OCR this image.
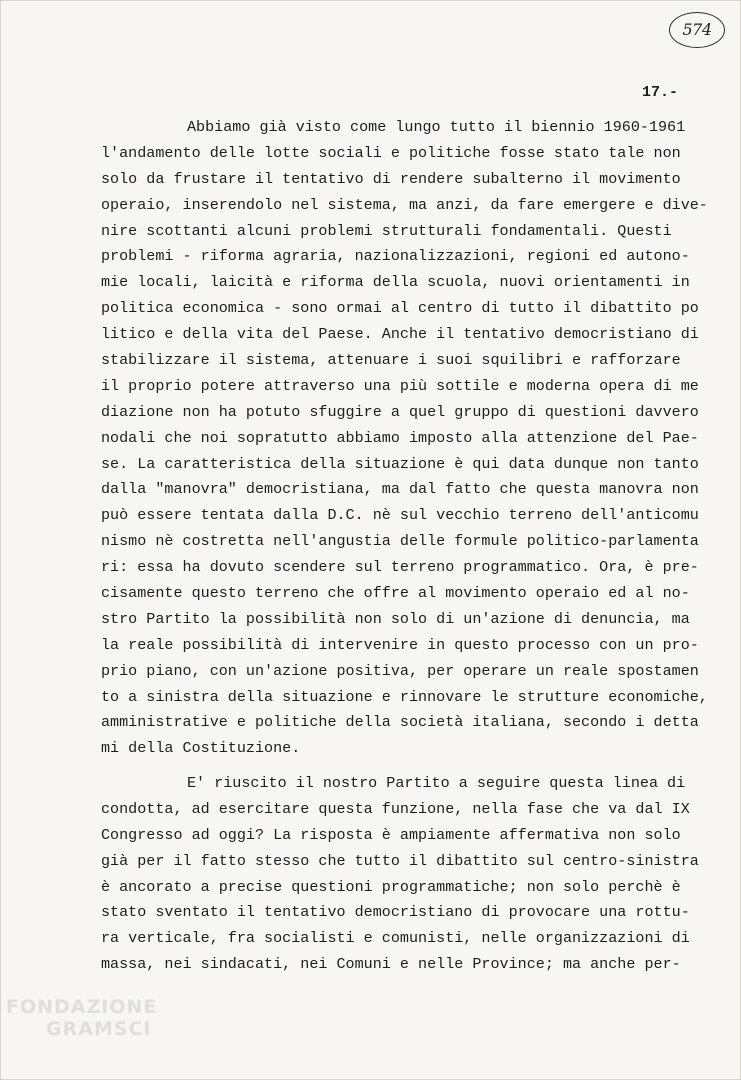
574
17.-
Abbiamo già visto come lungo tutto il biennio 1960-1961
l'andamento delle lotte sociali e politiche fosse stato tale non
solo da frustare il tentativo di rendere subalterno il movimento
operaio, inserendolo nel sistema, ma anzi, da fare emergere e dive-
nire scottanti alcuni problemi strutturali fondamentali. Questi
problemi - riforma agraria, nazionalizzazioni, regioni ed autono-
mie locali, laicità e riforma della scuola, nuovi orientamenti in
politica economica - sono ormai al centro di tutto il dibattito po
litico e della vita del Paese. Anche il tentativo democristiano di
stabilizzare il sistema, attenuare i suoi squilibri e rafforzare
il proprio potere attraverso una più sottile e moderna opera di me
diazione non ha potuto sfuggire a quel gruppo di questioni davvero
nodali che noi sopratutto abbiamo imposto alla attenzione del Pae-
se. La caratteristica della situazione è qui data dunque non tanto
dalla "manovra" democristiana, ma dal fatto che questa manovra non
può essere tentata dalla D.C. nè sul vecchio terreno dell'anticomu
nismo nè costretta nell'angustia delle formule politico-parlamenta
ri: essa ha dovuto scendere sul terreno programmatico. Ora, è pre-
cisamente questo terreno che offre al movimento operaio ed al no-
stro Partito la possibilità non solo di un'azione di denuncia, ma
la reale possibilità di intervenire in questo processo con un pro-
prio piano, con un'azione positiva, per operare un reale spostamen
to a sinistra della situazione e rinnovare le strutture economiche,
amministrative e politiche della società italiana, secondo i detta
mi della Costituzione.
E' riuscito il nostro Partito a seguire questa linea di
condotta, ad esercitare questa funzione, nella fase che va dal IX
Congresso ad oggi? La risposta è ampiamente affermativa non solo
già per il fatto stesso che tutto il dibattito sul centro-sinistra
è ancorato a precise questioni programmatiche; non solo perchè è
stato sventato il tentativo democristiano di provocare una rottu-
ra verticale, fra socialisti e comunisti, nelle organizzazioni di
massa, nei sindacati, nei Comuni e nelle Province; ma anche per-
FONDAZIONE
GRAMSCI
